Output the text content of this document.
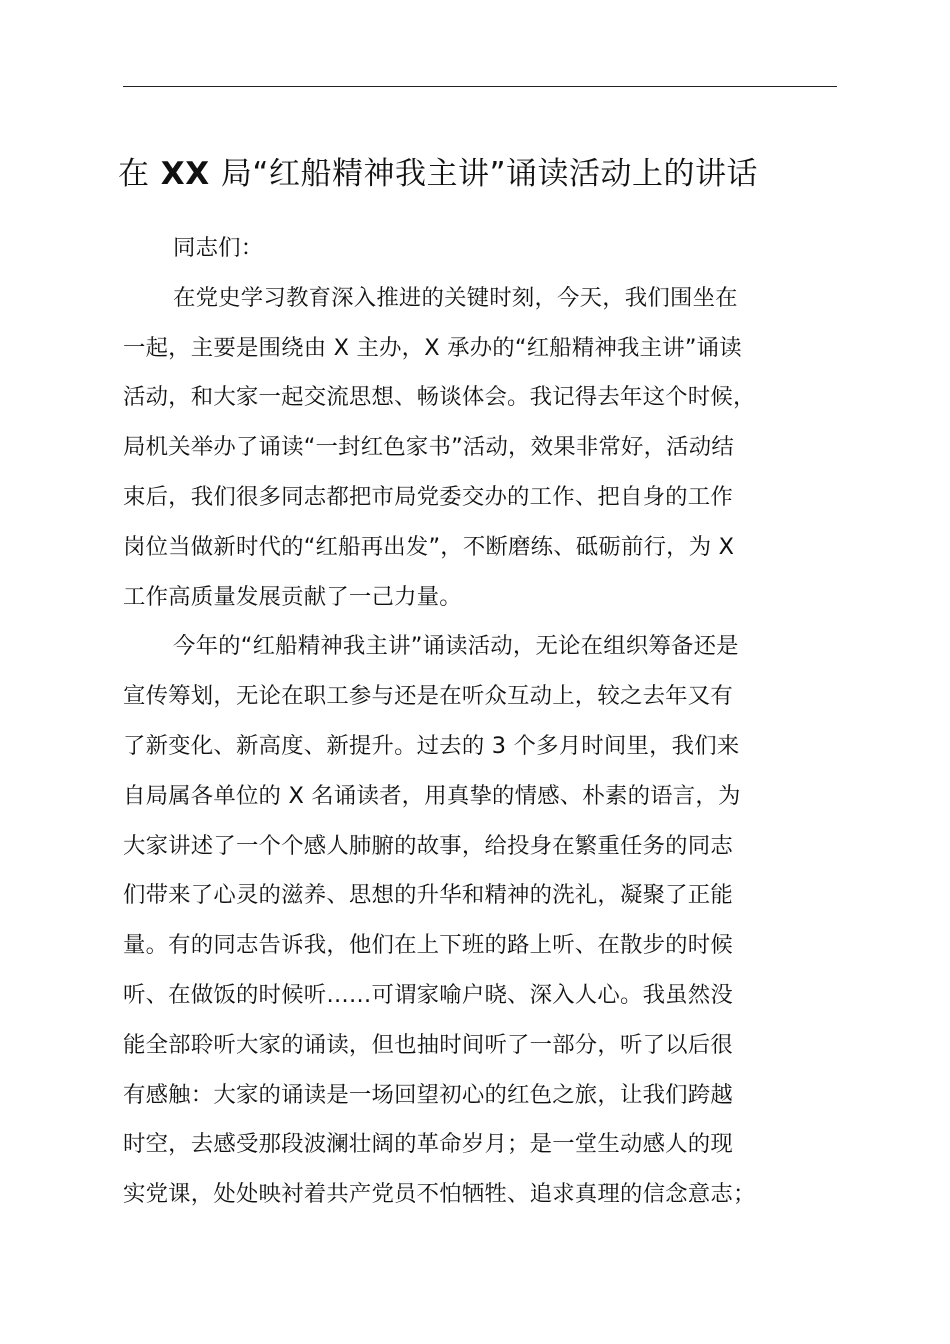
在 XX 局“红船精神我主讲”诵读活动上的讲话
同志们：
在党史学习教育深入推进的关键时刻，今天，我们围坐在
一起，主要是围绕由 X 主办，X 承办的“红船精神我主讲”诵读
活动，和大家一起交流思想、畅谈体会。我记得去年这个时候，
局机关举办了诵读“一封红色家书”活动，效果非常好，活动结
束后，我们很多同志都把市局党委交办的工作、把自身的工作
岗位当做新时代的“红船再出发”，不断磨练、砥砺前行，为 X
工作高质量发展贡献了一己力量。
今年的“红船精神我主讲”诵读活动，无论在组织筹备还是
宣传筹划，无论在职工参与还是在听众互动上，较之去年又有
了新变化、新高度、新提升。过去的 3 个多月时间里，我们来
自局属各单位的 X 名诵读者，用真挚的情感、朴素的语言，为
大家讲述了一个个感人肺腑的故事，给投身在繁重任务的同志
们带来了心灵的滋养、思想的升华和精神的洗礼，凝聚了正能
量。有的同志告诉我，他们在上下班的路上听、在散步的时候
听、在做饭的时候听……可谓家喻户晓、深入人心。我虽然没
能全部聆听大家的诵读，但也抽时间听了一部分，听了以后很
有感触：大家的诵读是一场回望初心的红色之旅，让我们跨越
时空，去感受那段波澜壮阔的革命岁月；是一堂生动感人的现
实党课，处处映衬着共产党员不怕牺牲、追求真理的信念意志；
